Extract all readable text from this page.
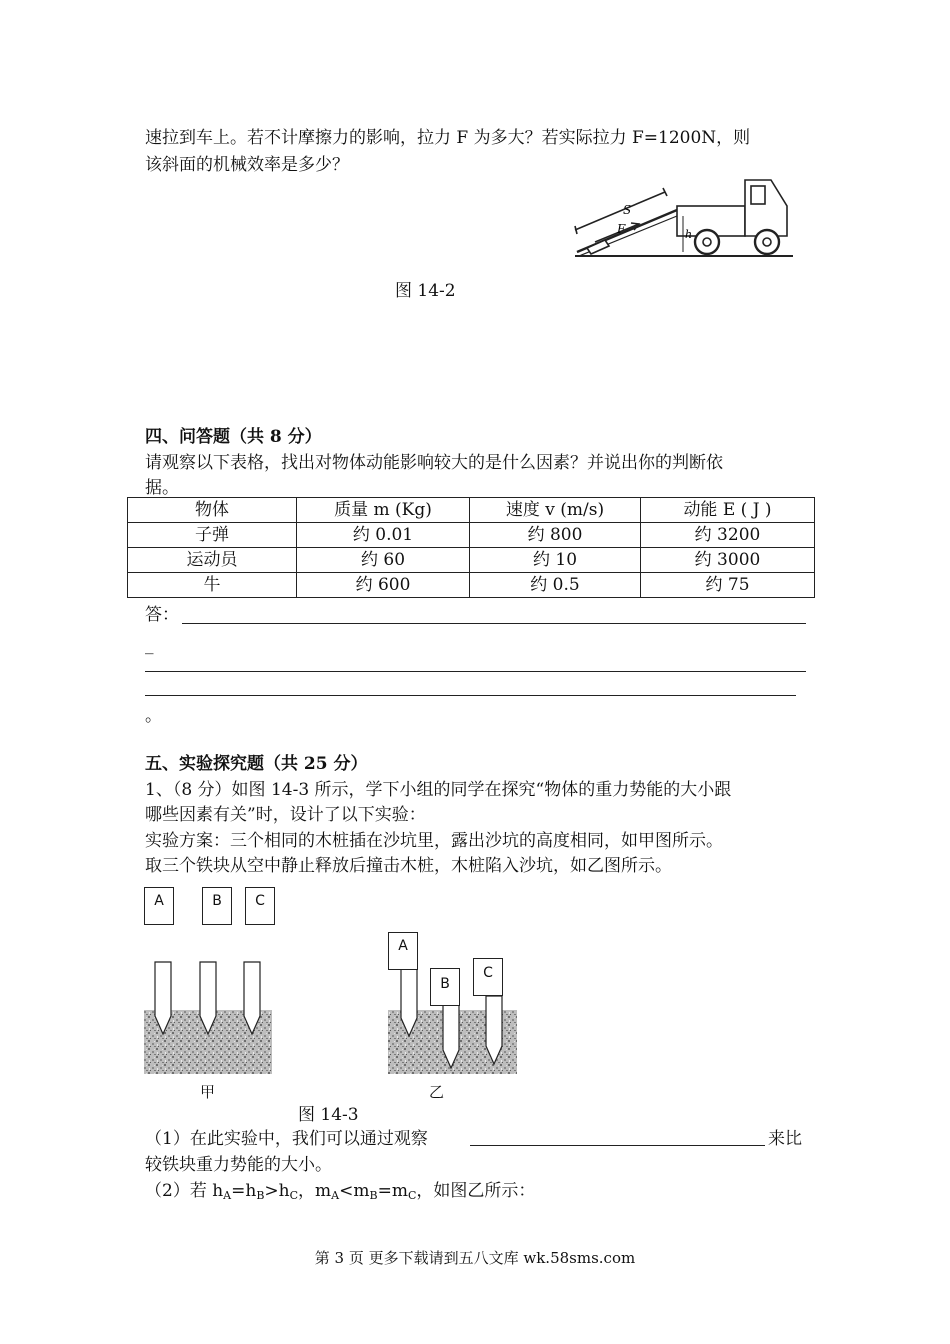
速拉到车上。若不计摩擦力的影响，拉力 F 为多大？若实际拉力 F=1200N，则
该斜面的机械效率是多少？
S
F	h
图 14-2
四、问答题（共 8 分）
请观察以下表格，找出对物体动能影响较大的是什么因素？并说出你的判断依
据。
物体	质量 m (Kg)	速度 v (m/s)	动能 E ( J )
子弹	约 0.01	约 800	约 3200
运动员	约 60	约 10	约 3000
牛	约 600	约 0.5	约 75
答：
_
。
五、实验探究题（共 25 分）
1、（8 分）如图 14-3 所示，学下小组的同学在探究“物体的重力势能的大小跟
哪些因素有关”时，设计了以下实验：
实验方案：三个相同的木桩插在沙坑里，露出沙坑的高度相同，如甲图所示。
取三个铁块从空中静止释放后撞击木桩，木桩陷入沙坑，如乙图所示。
A	B	C
A
B
C
甲	乙
图 14-3
（1）在此实验中，我们可以通过观察	来比
较铁块重力势能的大小。
（2）若 $h_A=h_B>h_C$，$m_A<m_B=m_C$，如图乙所示：
第 3 页 更多下载请到五八文库 wk.58sms.com
